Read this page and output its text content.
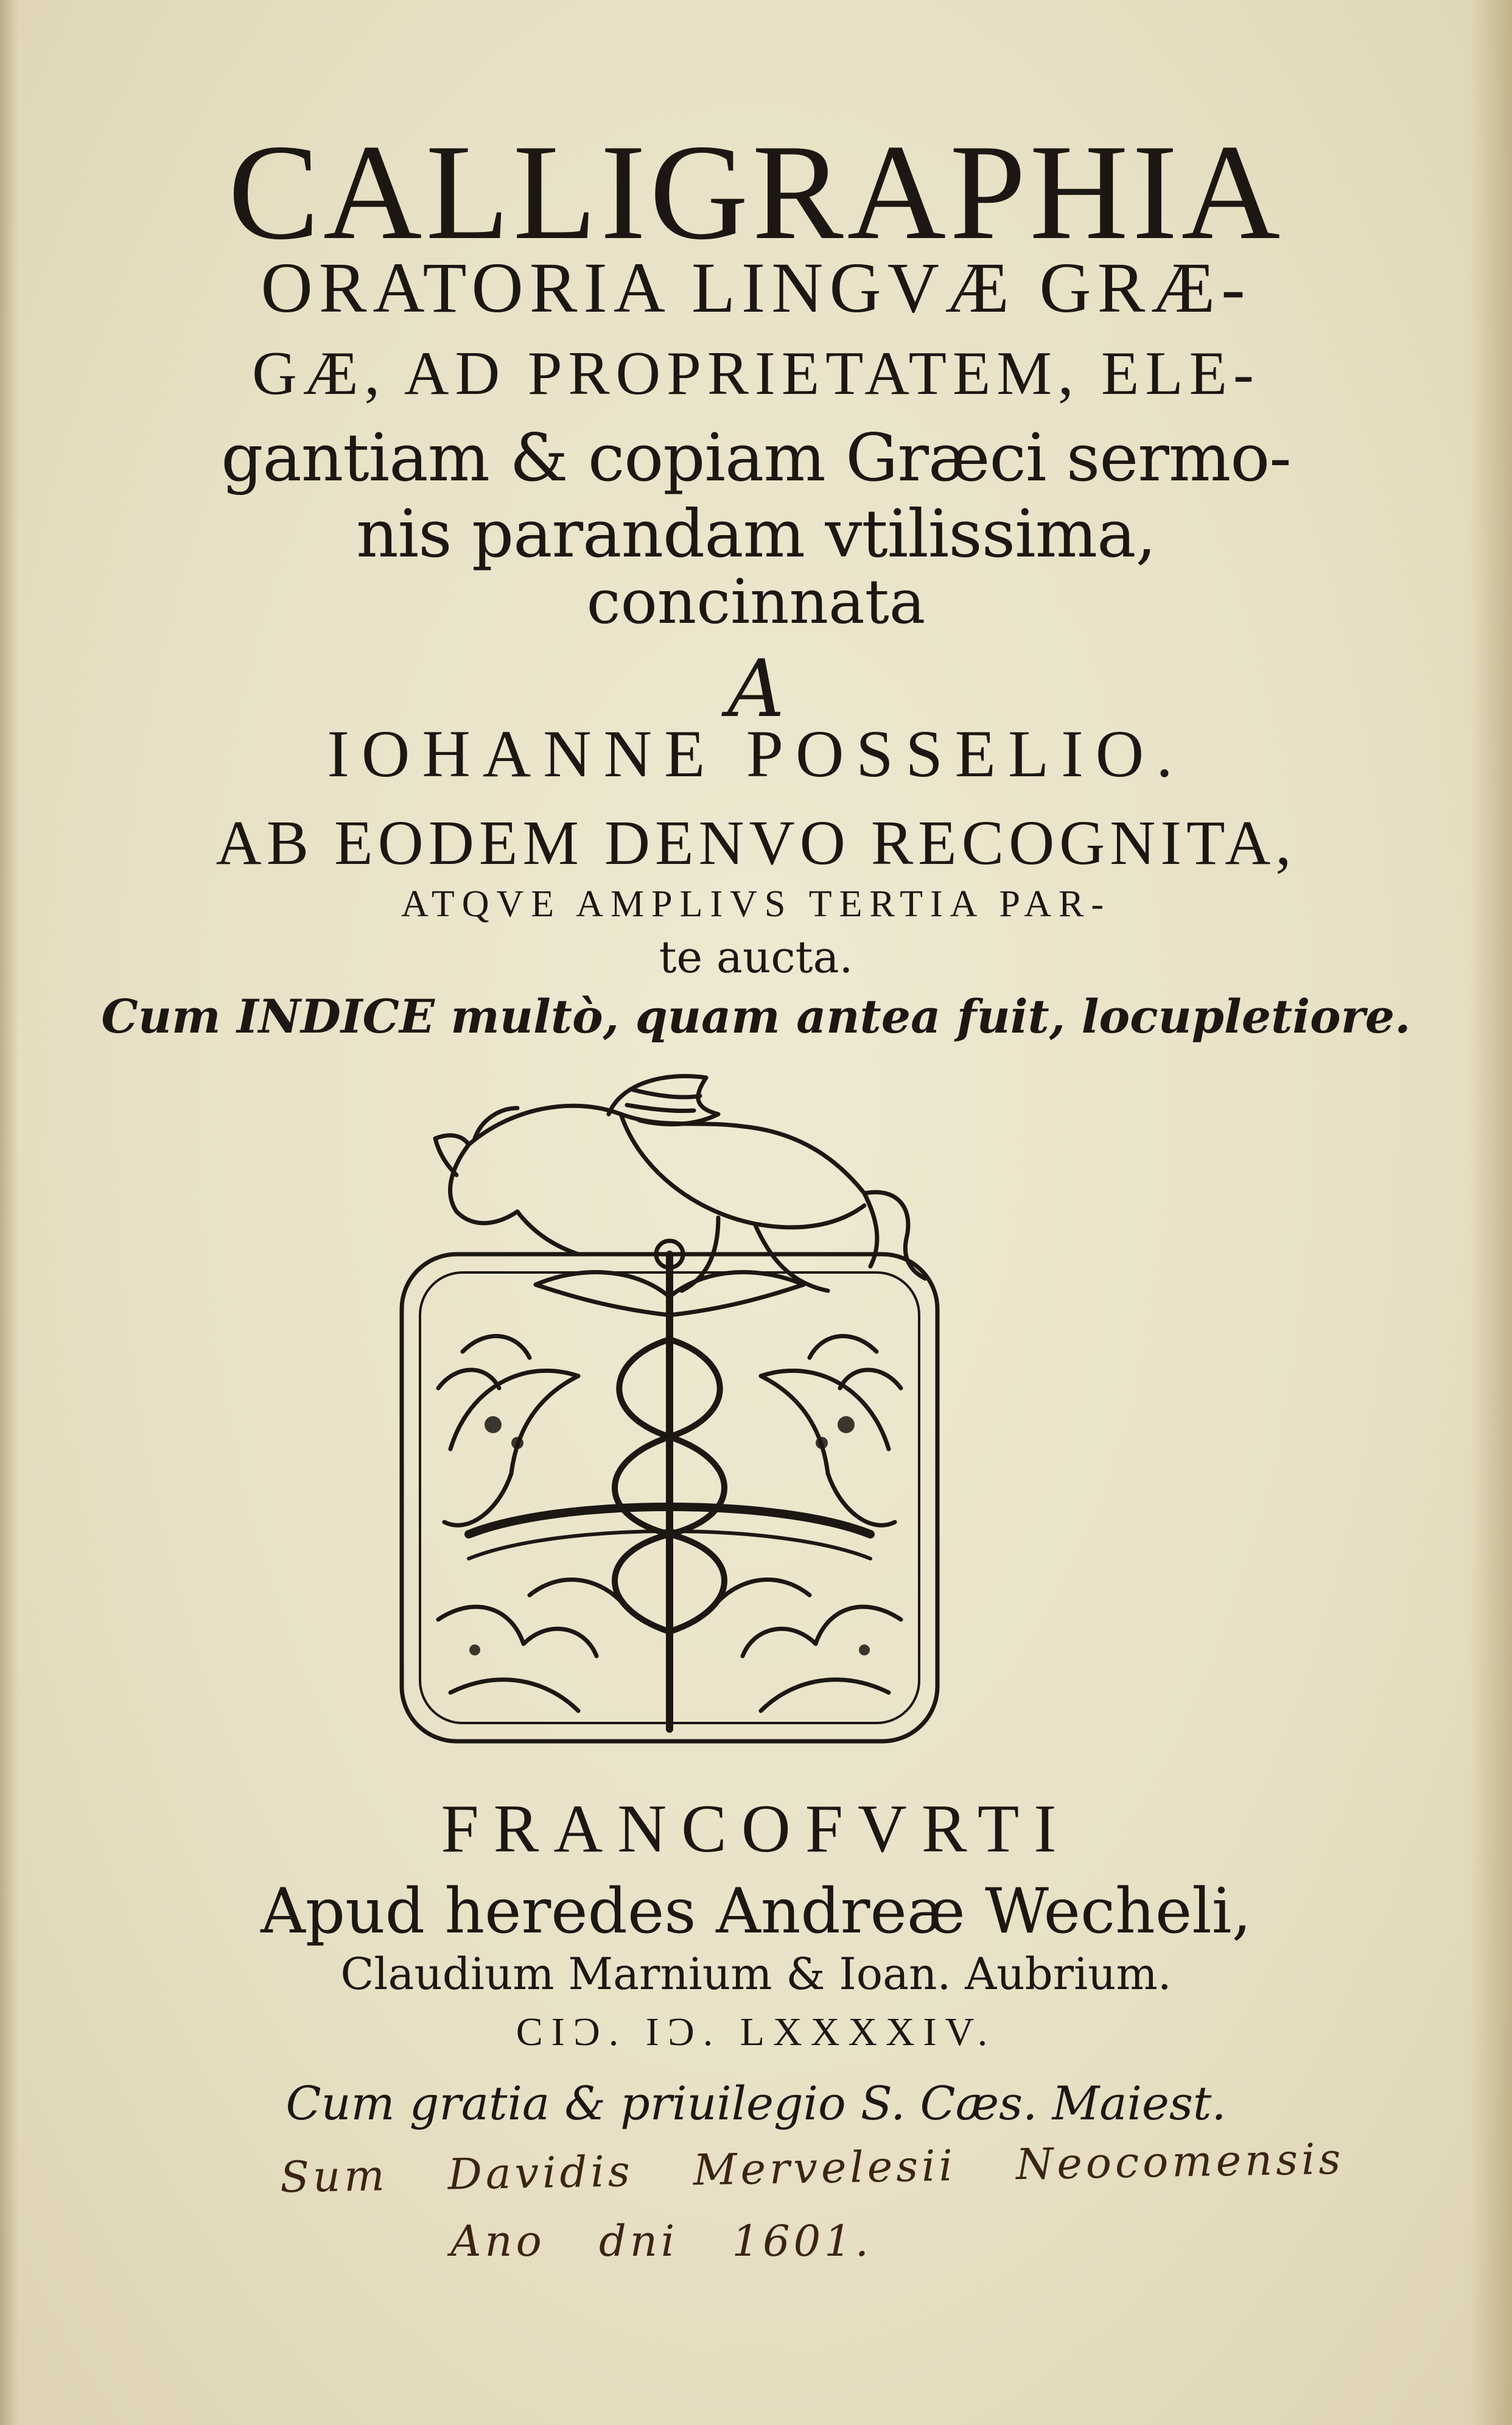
CALLIGRAPHIA
ORATORIA LINGVÆ GRÆ-
GÆ, AD PROPRIETATEM, ELE-
gantiam & copiam Græci sermo-
nis parandam vtilissima,
concinnata
A
IOHANNE POSSELIO.
AB EODEM DENVO RECOGNITA,
ATQVE AMPLIVS TERTIA PAR-
te aucta.
Cum INDICE multò, quam antea fuit, locupletiore.
FRANCOFVRTI
Apud heredes Andreæ Wecheli,
Claudium Marnium & Ioan. Aubrium.
CIƆ. IƆ. LXXXXIV.
Cum gratia & priuilegio S. Cæs. Maiest.
Sum Davidis Mervelesii Neocomensis
Ano dni 1601.
